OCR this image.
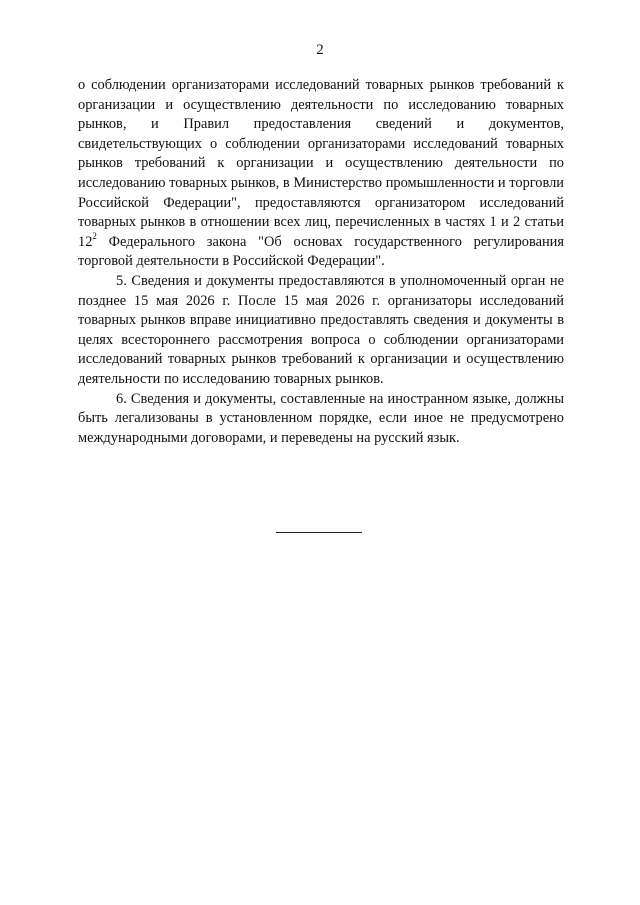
2

о соблюдении организаторами исследований товарных рынков требований к организации и осуществлению деятельности по исследованию товарных рынков, и Правил предоставления сведений и документов, свидетельствующих о соблюдении организаторами исследований товарных рынков требований к организации и осуществлению деятельности по исследованию товарных рынков, в Министерство промышленности и торговли Российской Федерации", предоставляются организатором исследований товарных рынков в отношении всех лиц, перечисленных в частях 1 и 2 статьи $12^2$ Федерального закона "Об основах государственного регулирования торговой деятельности в Российской Федерации".

5. Сведения и документы предоставляются в уполномоченный орган не позднее 15 мая 2026 г. После 15 мая 2026 г. организаторы исследований товарных рынков вправе инициативно предоставлять сведения и документы в целях всестороннего рассмотрения вопроса о соблюдении организаторами исследований товарных рынков требований к организации и осуществлению деятельности по исследованию товарных рынков.

6. Сведения и документы, составленные на иностранном языке, должны быть легализованы в установленном порядке, если иное не предусмотрено международными договорами, и переведены на русский язык.
